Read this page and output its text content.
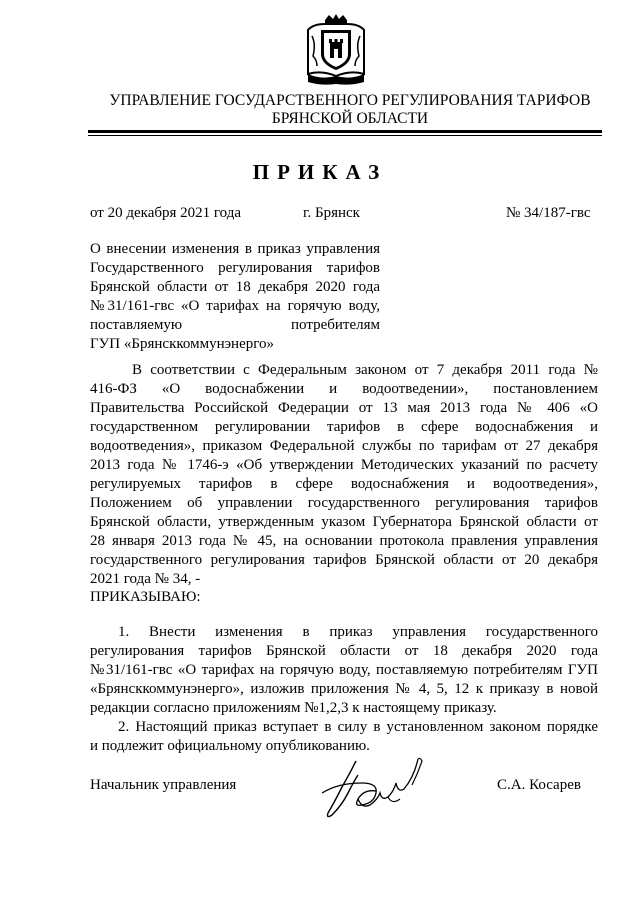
УПРАВЛЕНИЕ ГОСУДАРСТВЕННОГО РЕГУЛИРОВАНИЯ ТАРИФОВ
БРЯНСКОЙ ОБЛАСТИ
ПРИКАЗ
от 20 декабря 2021 года	г. Брянск	№ 34/187-гвс
О внесении изменения в приказ управления
Государственного регулирования тарифов
Брянской области от 18 декабря 2020 года
№31/161-гвс «О тарифах на горячую воду,
поставляемую потребителям
ГУП «Брянсккоммунэнерго»
В соответствии с Федеральным законом от 7 декабря 2011 года №
416-ФЗ «О водоснабжении и водоотведении», постановлением
Правительства Российской Федерации от 13 мая 2013 года № 406 «О
государственном регулировании тарифов в сфере водоснабжения и
водоотведения», приказом Федеральной службы по тарифам от 27 декабря
2013 года № 1746-э «Об утверждении Методических указаний по расчету
регулируемых тарифов в сфере водоснабжения и водоотведения»,
Положением об управлении государственного регулирования тарифов
Брянской области, утвержденным указом Губернатора Брянской области от
28 января 2013 года № 45, на основании протокола правления управления
государственного регулирования тарифов Брянской области от 20 декабря
2021 года № 34, -
ПРИКАЗЫВАЮ:
1. Внести изменения в приказ управления государственного
регулирования тарифов Брянской области от 18 декабря 2020 года
№31/161-гвс «О тарифах на горячую воду, поставляемую потребителям ГУП
«Брянсккоммунэнерго», изложив приложения № 4, 5, 12 к приказу в новой
редакции согласно приложениям №1,2,3 к настоящему приказу.
2. Настоящий приказ вступает в силу в установленном законом порядке
и подлежит официальному опубликованию.
Начальник управления	С.А. Косарев
